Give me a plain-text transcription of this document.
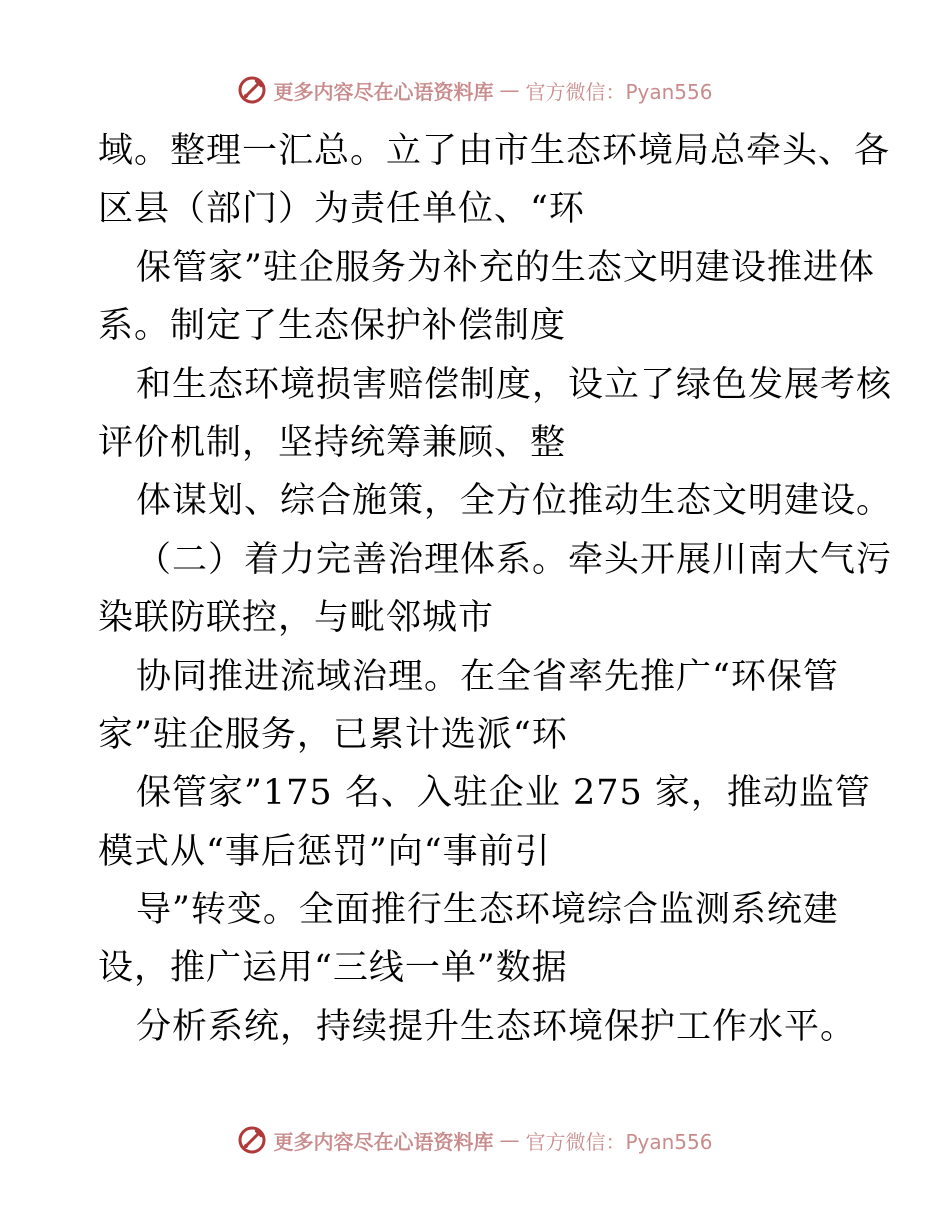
更多内容尽在心语资料库 — 官方微信：Pyan556
域。整理一汇总。立了由市生态环境局总牵头、各
区县（部门）为责任单位、“环
保管家”驻企服务为补充的生态文明建设推进体
系。制定了生态保护补偿制度
和生态环境损害赔偿制度，设立了绿色发展考核
评价机制，坚持统筹兼顾、整
体谋划、综合施策，全方位推动生态文明建设。
（二）着力完善治理体系。牵头开展川南大气污
染联防联控，与毗邻城市
协同推进流域治理。在全省率先推广“环保管
家”驻企服务，已累计选派“环
保管家”175 名、入驻企业 275 家，推动监管
模式从“事后惩罚”向“事前引
导”转变。全面推行生态环境综合监测系统建
设，推广运用“三线一单”数据
分析系统，持续提升生态环境保护工作水平。
更多内容尽在心语资料库 — 官方微信：Pyan556
